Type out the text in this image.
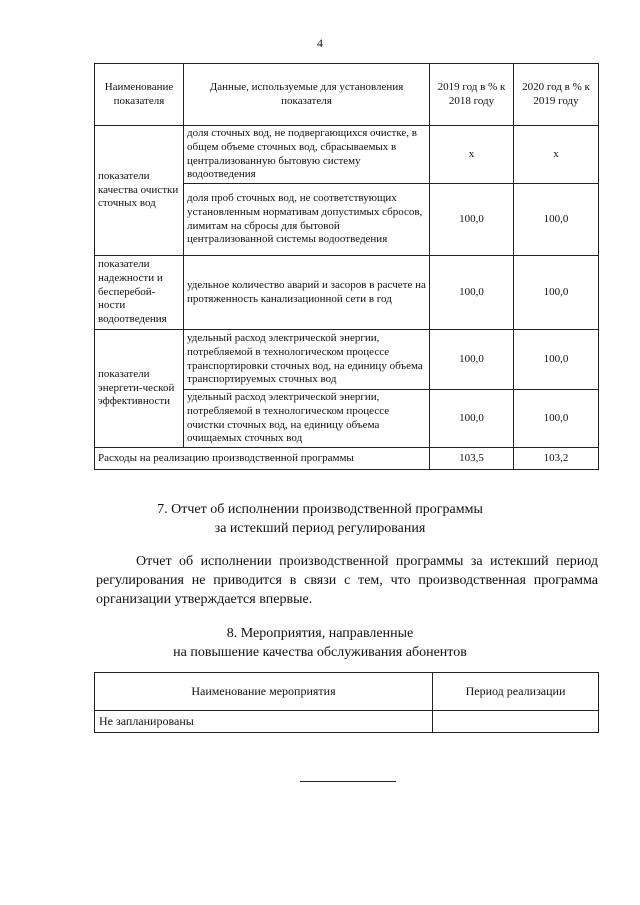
4
Наименование показателя	Данные, используемые для установления показателя	2019 год в % к 2018 году	2020 год в % к 2019 году
показатели качества очистки сточных вод	доля сточных вод, не подвергающихся очистке, в общем объеме сточных вод, сбрасываемых в централизованную бытовую систему водоотведения	х	х
	доля проб сточных вод, не соответствующих установленным нормативам допустимых сбросов, лимитам на сбросы для бытовой централизованной системы водоотведения	100,0	100,0
показатели надежности и бесперебой-ности водоотведения	удельное количество аварий и засоров в расчете на протяженность канализационной сети в год	100,0	100,0
показатели энергети-ческой эффективности	удельный расход электрической энергии, потребляемой в технологическом процессе транспортировки сточных вод, на единицу объема транспортируемых сточных вод	100,0	100,0
	удельный расход электрической энергии, потребляемой в технологическом процессе очистки сточных вод, на единицу объема очищаемых сточных вод	100,0	100,0
Расходы на реализацию производственной программы		103,5	103,2
7. Отчет об исполнении производственной программы
за истекший период регулирования
Отчет об исполнении производственной программы за истекший период регулирования не приводится в связи с тем, что производственная программа организации утверждается впервые.
8. Мероприятия, направленные
на повышение качества обслуживания абонентов
Наименование мероприятия	Период реализации
Не запланированы	
